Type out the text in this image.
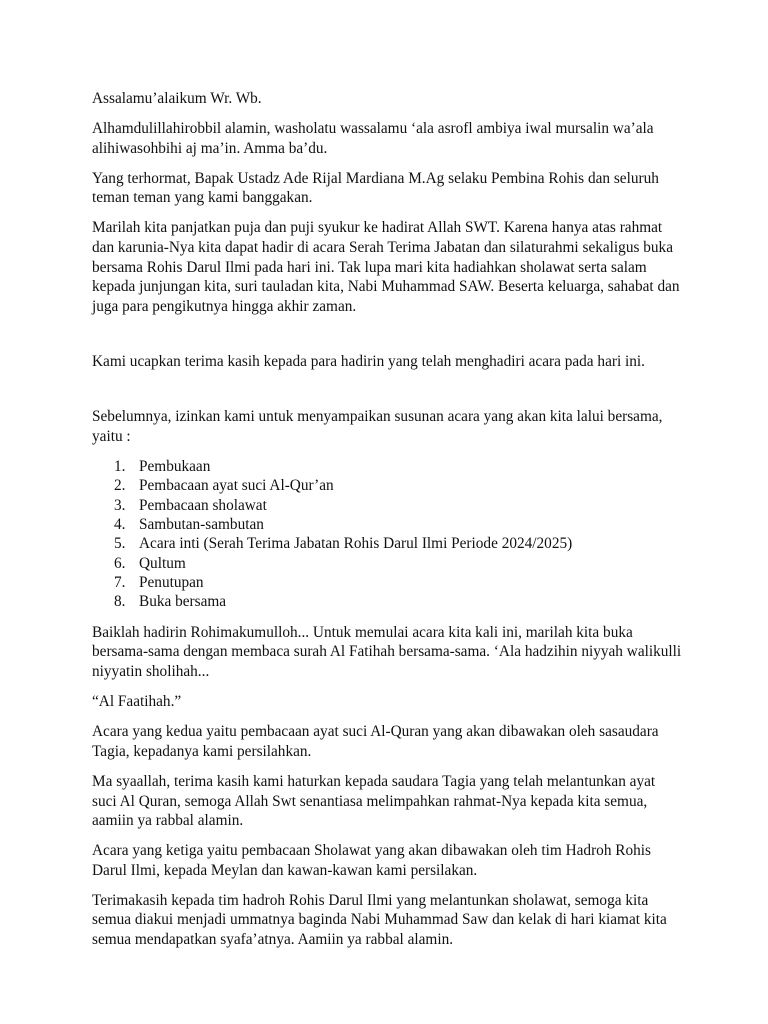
Assalamu’alaikum Wr. Wb.

Alhamdulillahirobbil alamin, washolatu wassalamu ‘ala asrofl ambiya iwal mursalin wa’ala alihiwasohbihi aj ma’in. Amma ba’du.

Yang terhormat, Bapak Ustadz Ade Rijal Mardiana M.Ag selaku Pembina Rohis dan seluruh teman teman yang kami banggakan.

Marilah kita panjatkan puja dan puji syukur ke hadirat Allah SWT. Karena hanya atas rahmat dan karunia-Nya kita dapat hadir di acara Serah Terima Jabatan dan silaturahmi sekaligus buka bersama Rohis Darul Ilmi pada hari ini. Tak lupa mari kita hadiahkan sholawat serta salam kepada junjungan kita, suri tauladan kita, Nabi Muhammad SAW. Beserta keluarga, sahabat dan juga para pengikutnya hingga akhir zaman.

Kami ucapkan terima kasih kepada para hadirin yang telah menghadiri acara pada hari ini.

Sebelumnya, izinkan kami untuk menyampaikan susunan acara yang akan kita lalui bersama, yaitu :

1. Pembukaan
2. Pembacaan ayat suci Al-Qur’an
3. Pembacaan sholawat
4. Sambutan-sambutan
5. Acara inti (Serah Terima Jabatan Rohis Darul Ilmi Periode 2024/2025)
6. Qultum
7. Penutupan
8. Buka bersama

Baiklah hadirin Rohimakumulloh... Untuk memulai acara kita kali ini, marilah kita buka bersama-sama dengan membaca surah Al Fatihah bersama-sama. ‘Ala hadzihin niyyah walikulli niyyatin sholihah...

“Al Faatihah.”

Acara yang kedua yaitu pembacaan ayat suci Al-Quran yang akan dibawakan oleh sasaudara Tagia, kepadanya kami persilahkan.

Ma syaallah, terima kasih kami haturkan kepada saudara Tagia yang telah melantunkan ayat suci Al Quran, semoga Allah Swt senantiasa melimpahkan rahmat-Nya kepada kita semua, aamiin ya rabbal alamin.

Acara yang ketiga yaitu pembacaan Sholawat yang akan dibawakan oleh tim Hadroh Rohis Darul Ilmi, kepada Meylan dan kawan-kawan kami persilakan.

Terimakasih kepada tim hadroh Rohis Darul Ilmi yang melantunkan sholawat, semoga kita semua diakui menjadi ummatnya baginda Nabi Muhammad Saw dan kelak di hari kiamat kita semua mendapatkan syafa’atnya. Aamiin ya rabbal alamin.
